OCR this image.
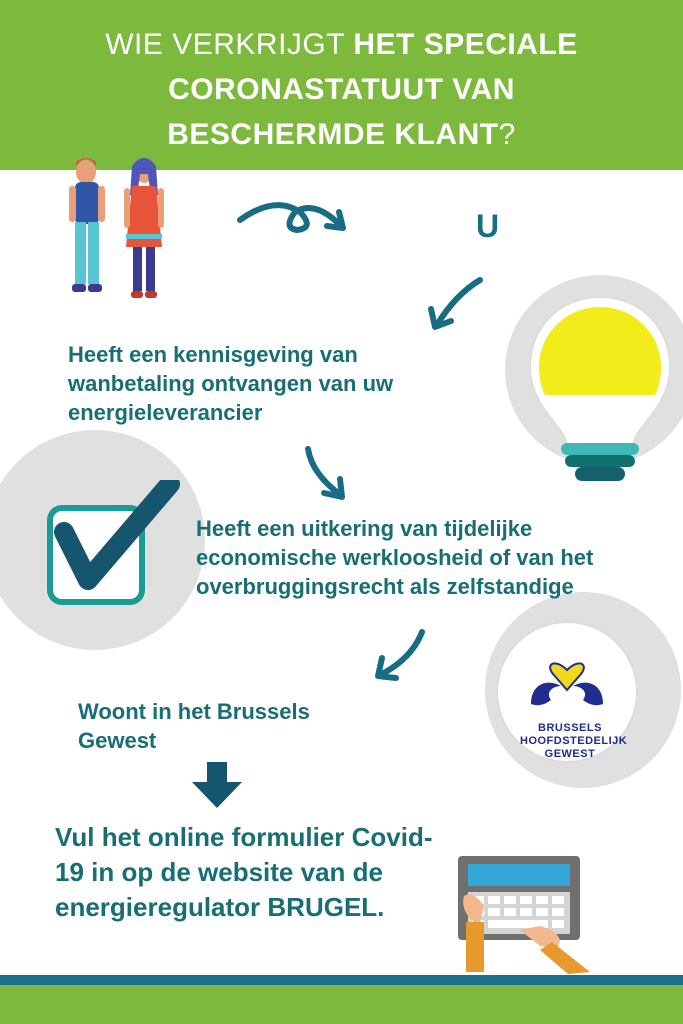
WIE VERKRIJGT HET SPECIALE
CORONASTATUUT VAN
BESCHERMDE KLANT?
U
Heeft een kennisgeving van wanbetaling ontvangen van uw energieleverancier
Heeft een uitkering van tijdelijke economische werkloosheid of van het overbruggingsrecht als zelfstandige
BRUSSELS
HOOFDSTEDELIJK
GEWEST
Woont in het Brussels Gewest
Vul het online formulier Covid-19 in op de website van de energieregulator BRUGEL.
